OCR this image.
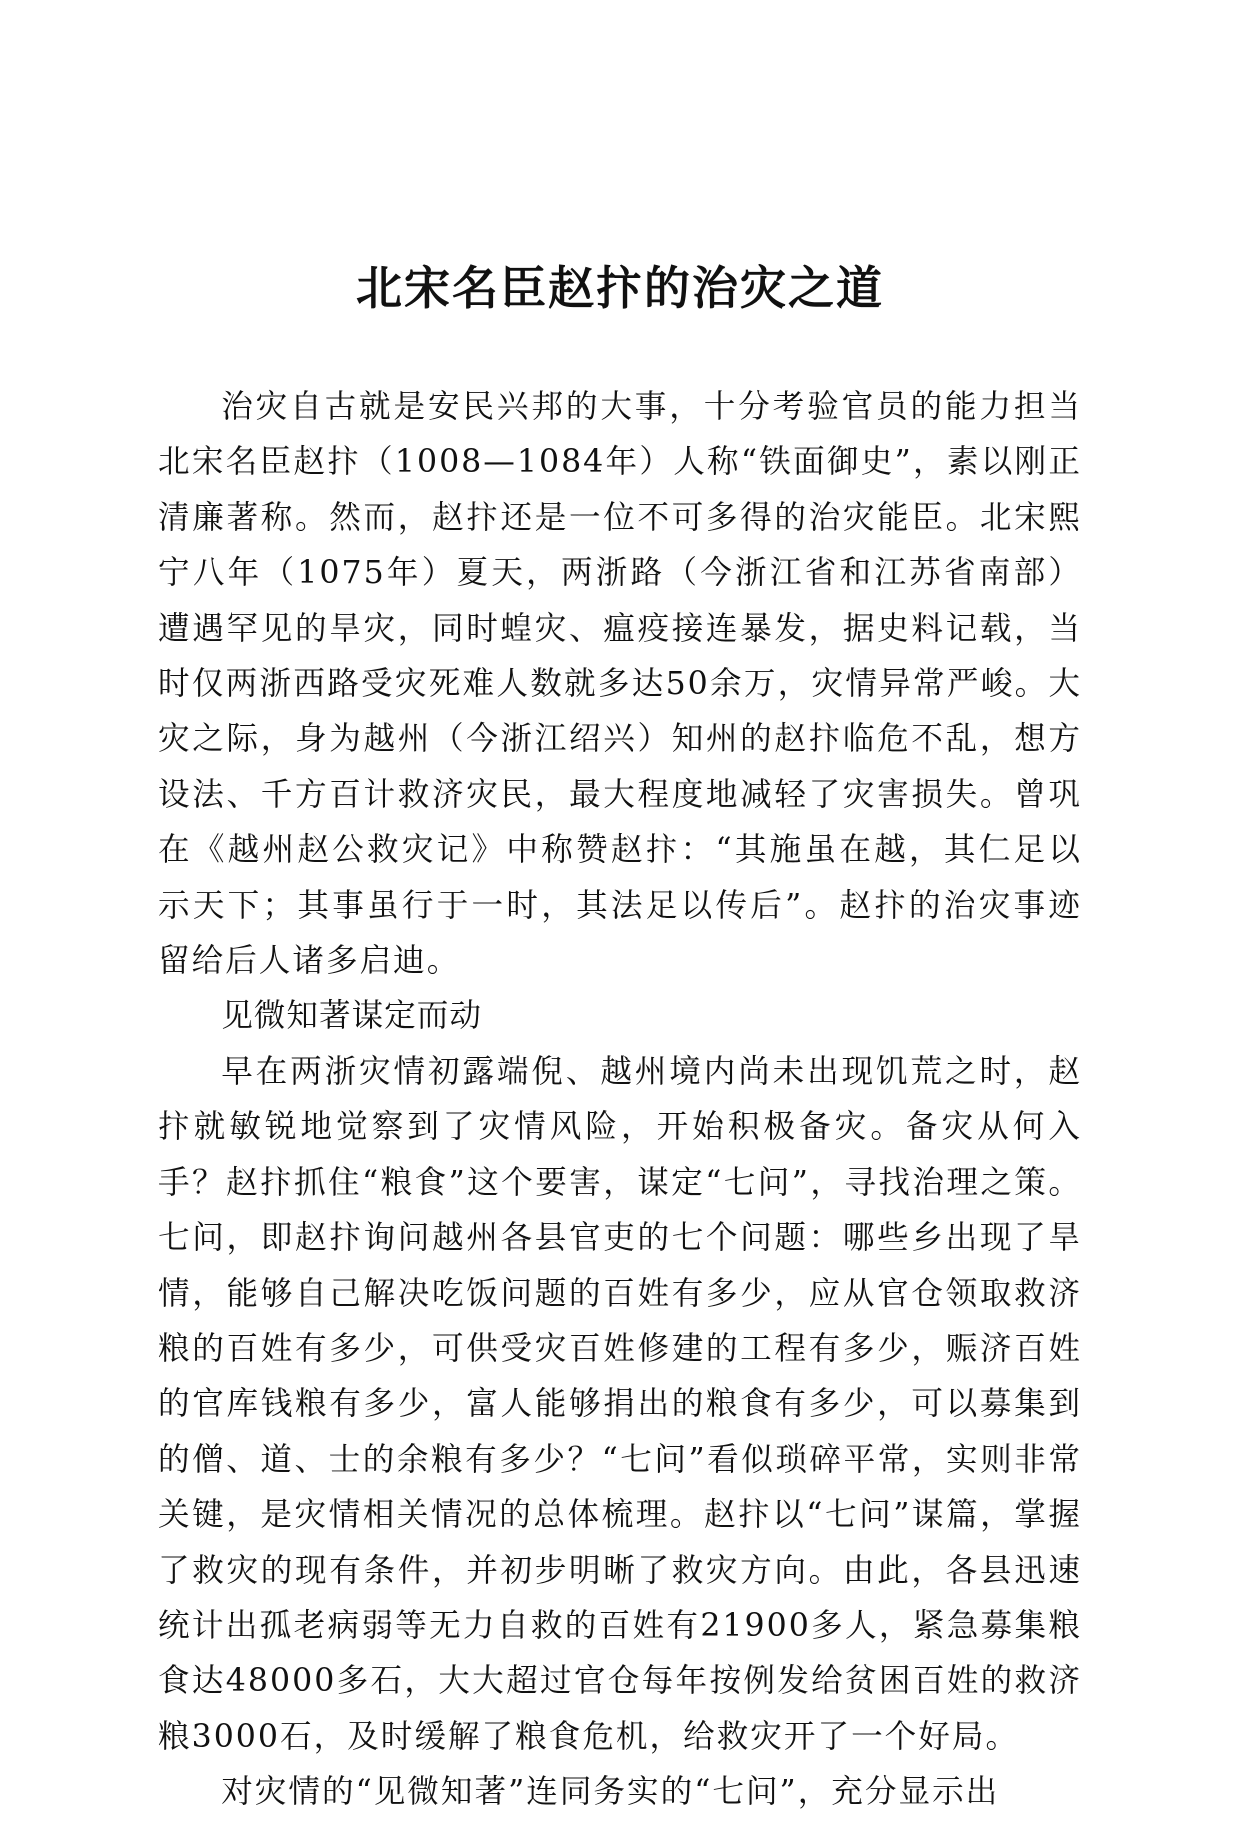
北宋名臣赵抃的治灾之道

治灾自古就是安民兴邦的大事，十分考验官员的能力担当北宋名臣赵抃（1008—1084年）人称“铁面御史”，素以刚正清廉著称。然而，赵抃还是一位不可多得的治灾能臣。北宋熙宁八年（1075年）夏天，两浙路（今浙江省和江苏省南部）遭遇罕见的旱灾，同时蝗灾、瘟疫接连暴发，据史料记载，当时仅两浙西路受灾死难人数就多达50余万，灾情异常严峻。大灾之际，身为越州（今浙江绍兴）知州的赵抃临危不乱，想方设法、千方百计救济灾民，最大程度地减轻了灾害损失。曾巩在《越州赵公救灾记》中称赞赵抃：“其施虽在越，其仁足以示天下；其事虽行于一时，其法足以传后”。赵抃的治灾事迹留给后人诸多启迪。

见微知著谋定而动

早在两浙灾情初露端倪、越州境内尚未出现饥荒之时，赵抃就敏锐地觉察到了灾情风险，开始积极备灾。备灾从何入手？赵抃抓住“粮食”这个要害，谋定“七问”，寻找治理之策。七问，即赵抃询问越州各县官吏的七个问题：哪些乡出现了旱情，能够自己解决吃饭问题的百姓有多少，应从官仓领取救济粮的百姓有多少，可供受灾百姓修建的工程有多少，赈济百姓的官库钱粮有多少，富人能够捐出的粮食有多少，可以募集到的僧、道、士的余粮有多少？“七问”看似琐碎平常，实则非常关键，是灾情相关情况的总体梳理。赵抃以“七问”谋篇，掌握了救灾的现有条件，并初步明晰了救灾方向。由此，各县迅速统计出孤老病弱等无力自救的百姓有21900多人，紧急募集粮食达48000多石，大大超过官仓每年按例发给贫困百姓的救济粮3000石，及时缓解了粮食危机，给救灾开了一个好局。

对灾情的“见微知著”连同务实的“七问”，充分显示出
